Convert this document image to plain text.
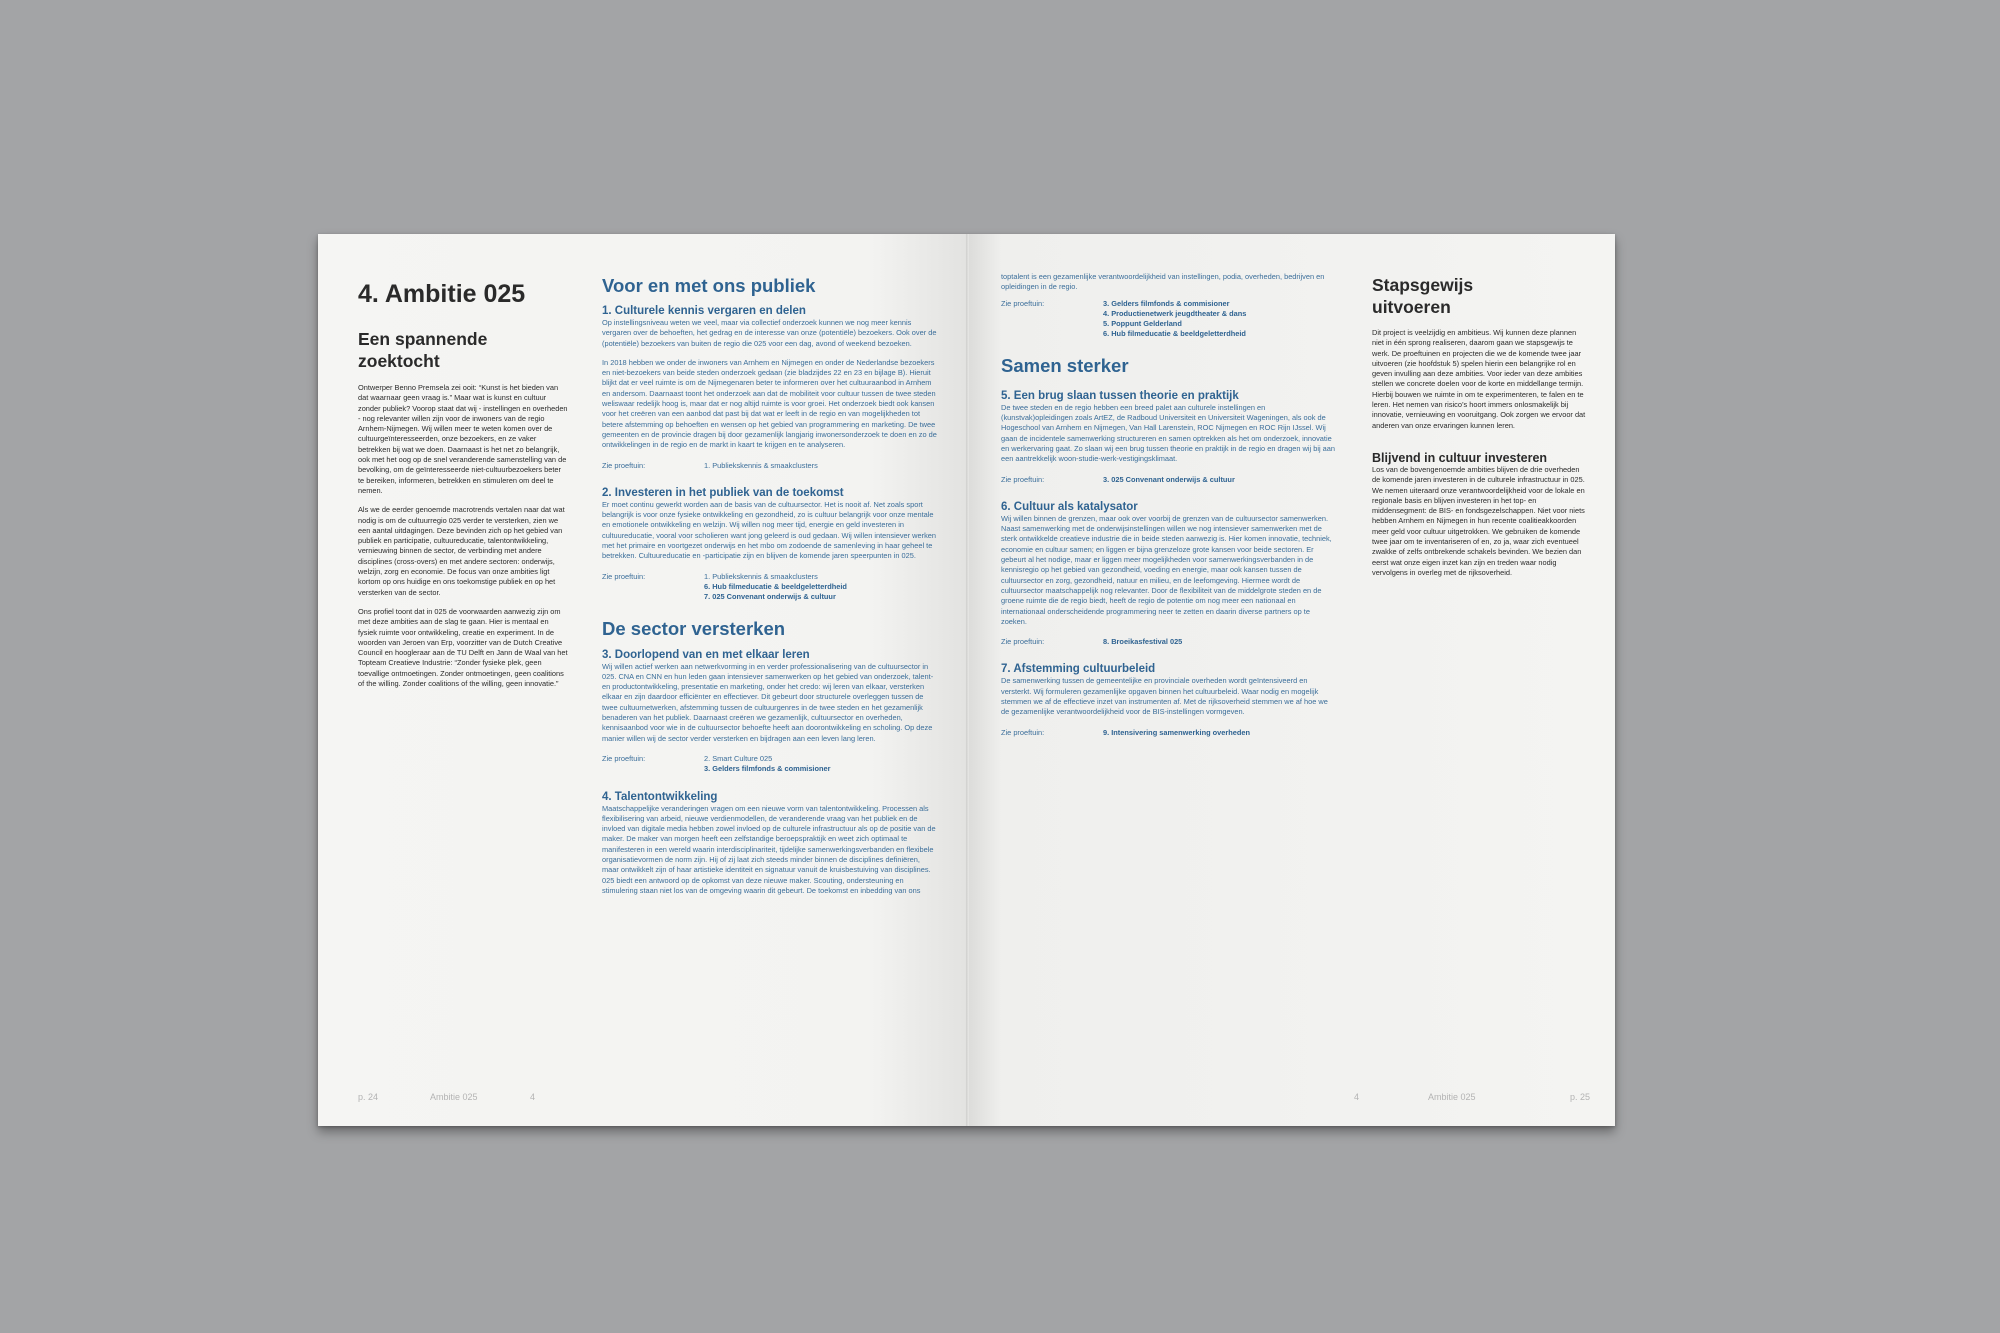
4. Ambitie 025
Een spannende zoektocht

Ontwerper Benno Premsela zei ooit: “Kunst is het bieden van dat waarnaar geen vraag is.” Maar wat is kunst en cultuur zonder publiek? Voorop staat dat wij - instellingen en overheden - nog relevanter willen zijn voor de inwoners van de regio Arnhem-Nijmegen. Wij willen meer te weten komen over de cultuurgeïnteresseerden, onze bezoekers, en ze vaker betrekken bij wat we doen. Daarnaast is het net zo belangrijk, ook met het oog op de snel veranderende samenstelling van de bevolking, om de geïnteresseerde niet-cultuurbezoekers beter te bereiken, informeren, betrekken en stimuleren om deel te nemen.

Als we de eerder genoemde macrotrends vertalen naar dat wat nodig is om de cultuurregio 025 verder te versterken, zien we een aantal uitdagingen. Deze bevinden zich op het gebied van publiek en participatie, cultuureducatie, talentontwikkeling, vernieuwing binnen de sector, de verbinding met andere disciplines (cross-overs) en met andere sectoren: onderwijs, welzijn, zorg en economie. De focus van onze ambities ligt kortom op ons huidige en ons toekomstige publiek en op het versterken van de sector.

Ons profiel toont dat in 025 de voorwaarden aanwezig zijn om met deze ambities aan de slag te gaan. Hier is mentaal en fysiek ruimte voor ontwikkeling, creatie en experiment. In de woorden van Jeroen van Erp, voorzitter van de Dutch Creative Council en hoogleraar aan de TU Delft en Jann de Waal van het Topteam Creatieve Industrie: “Zonder fysieke plek, geen toevallige ontmoetingen. Zonder ontmoetingen, geen coalitions of the willing. Zonder coalitions of the willing, geen innovatie.”

Voor en met ons publiek
1. Culturele kennis vergaren en delen

Op instellingsniveau weten we veel, maar via collectief onderzoek kunnen we nog meer kennis vergaren over de behoeften, het gedrag en de interesse van onze (potentiële) bezoekers. Ook over de (potentiële) bezoekers van buiten de regio die 025 voor een dag, avond of weekend bezoeken.

In 2018 hebben we onder de inwoners van Arnhem en Nijmegen en onder de Nederlandse bezoekers en niet-bezoekers van beide steden onderzoek gedaan (zie bladzijdes 22 en 23 en bijlage B). Hieruit blijkt dat er veel ruimte is om de Nijmegenaren beter te informeren over het cultuuraanbod in Arnhem en andersom. Daarnaast toont het onderzoek aan dat de mobiliteit voor cultuur tussen de twee steden weliswaar redelijk hoog is, maar dat er nog altijd ruimte is voor groei. Het onderzoek biedt ook kansen voor het creëren van een aanbod dat past bij dat wat er leeft in de regio en van mogelijkheden tot betere afstemming op behoeften en wensen op het gebied van programmering en marketing. De twee gemeenten en de provincie dragen bij door gezamenlijk langjarig inwonersonderzoek te doen en zo de ontwikkelingen in de regio en de markt in kaart te krijgen en te analyseren.

Zie proeftuin:	1. Publiekskennis & smaakclusters
2. Investeren in het publiek van de toekomst

Er moet continu gewerkt worden aan de basis van de cultuursector. Het is nooit af. Net zoals sport belangrijk is voor onze fysieke ontwikkeling en gezondheid, zo is cultuur belangrijk voor onze mentale en emotionele ontwikkeling en welzijn. Wij willen nog meer tijd, energie en geld investeren in cultuureducatie, vooral voor scholieren want jong geleerd is oud gedaan. Wij willen intensiever werken met het primaire en voortgezet onderwijs en het mbo om zodoende de samenleving in haar geheel te betrekken. Cultuureducatie en -participatie zijn en blijven de komende jaren speerpunten in 025.

Zie proeftuin:	1. Publiekskennis & smaakclusters
6. Hub filmeducatie & beeldgeletterdheid
7. 025 Convenant onderwijs & cultuur
De sector versterken
3. Doorlopend van en met elkaar leren

Wij willen actief werken aan netwerkvorming in en verder professionalisering van de cultuursector in 025. CNA en CNN en hun leden gaan intensiever samenwerken op het gebied van onderzoek, talent- en productontwikkeling, presentatie en marketing, onder het credo: wij leren van elkaar, versterken elkaar en zijn daardoor efficiënter en effectiever. Dit gebeurt door structurele overleggen tussen de twee cultuurnetwerken, afstemming tussen de cultuurgenres in de twee steden en het gezamenlijk benaderen van het publiek. Daarnaast creëren we gezamenlijk, cultuursector en overheden, kennisaanbod voor wie in de cultuursector behoefte heeft aan doorontwikkeling en scholing. Op deze manier willen wij de sector verder versterken en bijdragen aan een leven lang leren.

Zie proeftuin:	2. Smart Culture 025
3. Gelders filmfonds & commisioner
4. Talentontwikkeling

Maatschappelijke veranderingen vragen om een nieuwe vorm van talentontwikkeling. Processen als flexibilisering van arbeid, nieuwe verdienmodellen, de veranderende vraag van het publiek en de invloed van digitale media hebben zowel invloed op de culturele infrastructuur als op de positie van de maker. De maker van morgen heeft een zelfstandige beroepspraktijk en weet zich optimaal te manifesteren in een wereld waarin interdisciplinariteit, tijdelijke samenwerkingsverbanden en flexibele organisatievormen de norm zijn. Hij of zij laat zich steeds minder binnen de disciplines definiëren, maar ontwikkelt zijn of haar artistieke identiteit en signatuur vanuit de kruisbestuiving van disciplines. 025 biedt een antwoord op de opkomst van deze nieuwe maker. Scouting, ondersteuning en stimulering staan niet los van de omgeving waarin dit gebeurt. De toekomst en inbedding van ons

p. 24	Ambitie 025	4

toptalent is een gezamenlijke verantwoordelijkheid van instellingen, podia, overheden, bedrijven en opleidingen in de regio.

Zie proeftuin:	3. Gelders filmfonds & commisioner
4. Productienetwerk jeugdtheater & dans
5. Poppunt Gelderland
6. Hub filmeducatie & beeldgeletterdheid
Samen sterker
5. Een brug slaan tussen theorie en praktijk

De twee steden en de regio hebben een breed palet aan culturele instellingen en (kunstvak)opleidingen zoals ArtEZ, de Radboud Universiteit en Universiteit Wageningen, als ook de Hogeschool van Arnhem en Nijmegen, Van Hall Larenstein, ROC Nijmegen en ROC Rijn IJssel. Wij gaan de incidentele samenwerking structureren en samen optrekken als het om onderzoek, innovatie en werkervaring gaat. Zo slaan wij een brug tussen theorie en praktijk in de regio en dragen wij bij aan een aantrekkelijk woon-studie-werk-vestigingsklimaat.

Zie proeftuin:	3. 025 Convenant onderwijs & cultuur
6. Cultuur als katalysator

Wij willen binnen de grenzen, maar ook over voorbij de grenzen van de cultuursector samenwerken. Naast samenwerking met de onderwijsinstellingen willen we nog intensiever samenwerken met de sterk ontwikkelde creatieve industrie die in beide steden aanwezig is. Hier komen innovatie, techniek, economie en cultuur samen; en liggen er bijna grenzeloze grote kansen voor beide sectoren. Er gebeurt al het nodige, maar er liggen meer mogelijkheden voor samenwerkingsverbanden in de kennisregio op het gebied van gezondheid, voeding en energie, maar ook kansen tussen de cultuursector en zorg, gezondheid, natuur en milieu, en de leefomgeving. Hiermee wordt de cultuursector maatschappelijk nog relevanter. Door de flexibiliteit van de middelgrote steden en de groene ruimte die de regio biedt, heeft de regio de potentie om nog meer een nationaal en internationaal onderscheidende programmering neer te zetten en daarin diverse partners op te zoeken.

Zie proeftuin:	8. Broeikasfestival 025
7. Afstemming cultuurbeleid

De samenwerking tussen de gemeentelijke en provinciale overheden wordt geïntensiveerd en versterkt. Wij formuleren gezamenlijke opgaven binnen het cultuurbeleid. Waar nodig en mogelijk stemmen we af de effectieve inzet van instrumenten af. Met de rijksoverheid stemmen we af hoe we de gezamenlijke verantwoordelijkheid voor de BIS-instellingen vormgeven.

Zie proeftuin:	9. Intensivering samenwerking overheden
Stapsgewijs uitvoeren

Dit project is veelzijdig en ambitieus. Wij kunnen deze plannen niet in één sprong realiseren, daarom gaan we stapsgewijs te werk. De proeftuinen en projecten die we de komende twee jaar uitvoeren (zie hoofdstuk 5) spelen hierin een belangrijke rol en geven invulling aan deze ambities. Voor ieder van deze ambities stellen we concrete doelen voor de korte en middellange termijn. Hierbij bouwen we ruimte in om te experimenteren, te falen en te leren. Het nemen van risico’s hoort immers onlosmakelijk bij innovatie, vernieuwing en vooruitgang. Ook zorgen we ervoor dat anderen van onze ervaringen kunnen leren.

Blijvend in cultuur investeren

Los van de bovengenoemde ambities blijven de drie overheden de komende jaren investeren in de culturele infrastructuur in 025. We nemen uiteraard onze verantwoordelijkheid voor de lokale en regionale basis en blijven investeren in het top- en middensegment: de BIS- en fondsgezelschappen. Niet voor niets hebben Arnhem en Nijmegen in hun recente coalitieakkoorden meer geld voor cultuur uitgetrokken. We gebruiken de komende twee jaar om te inventariseren of en, zo ja, waar zich eventueel zwakke of zelfs ontbrekende schakels bevinden. We bezien dan eerst wat onze eigen inzet kan zijn en treden waar nodig vervolgens in overleg met de rijksoverheid.

4	Ambitie 025	p. 25
